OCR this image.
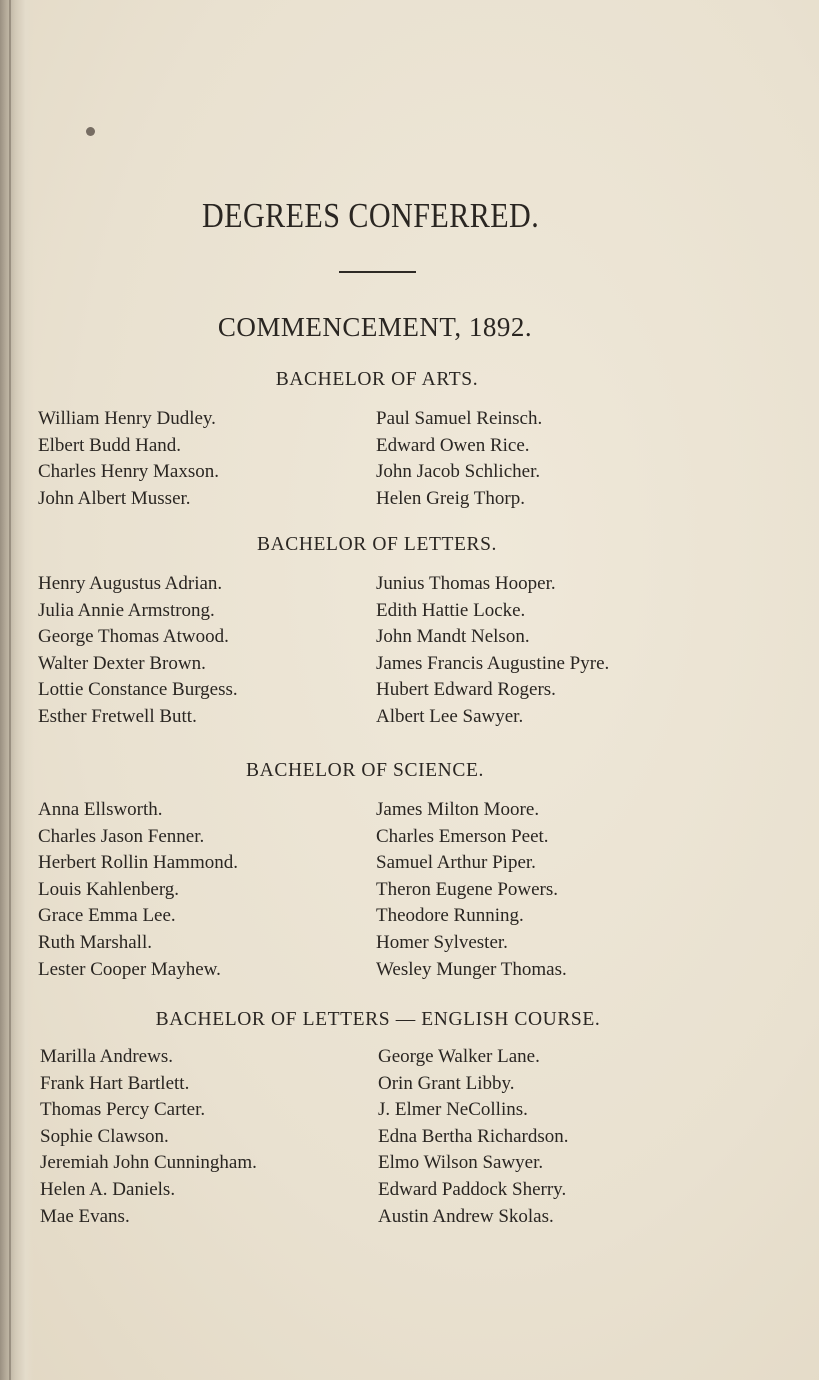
DEGREES CONFERRED.
COMMENCEMENT, 1892.
BACHELOR OF ARTS.
William Henry Dudley.
Elbert Budd Hand.
Charles Henry Maxson.
John Albert Musser.
Paul Samuel Reinsch.
Edward Owen Rice.
John Jacob Schlicher.
Helen Greig Thorp.
BACHELOR OF LETTERS.
Henry Augustus Adrian.
Julia Annie Armstrong.
George Thomas Atwood.
Walter Dexter Brown.
Lottie Constance Burgess.
Esther Fretwell Butt.
Junius Thomas Hooper.
Edith Hattie Locke.
John Mandt Nelson.
James Francis Augustine Pyre.
Hubert Edward Rogers.
Albert Lee Sawyer.
BACHELOR OF SCIENCE.
Anna Ellsworth.
Charles Jason Fenner.
Herbert Rollin Hammond.
Louis Kahlenberg.
Grace Emma Lee.
Ruth Marshall.
Lester Cooper Mayhew.
James Milton Moore.
Charles Emerson Peet.
Samuel Arthur Piper.
Theron Eugene Powers.
Theodore Running.
Homer Sylvester.
Wesley Munger Thomas.
BACHELOR OF LETTERS — ENGLISH COURSE.
Marilla Andrews.
Frank Hart Bartlett.
Thomas Percy Carter.
Sophie Clawson.
Jeremiah John Cunningham.
Helen A. Daniels.
Mae Evans.
George Walker Lane.
Orin Grant Libby.
J. Elmer NeCollins.
Edna Bertha Richardson.
Elmo Wilson Sawyer.
Edward Paddock Sherry.
Austin Andrew Skolas.
